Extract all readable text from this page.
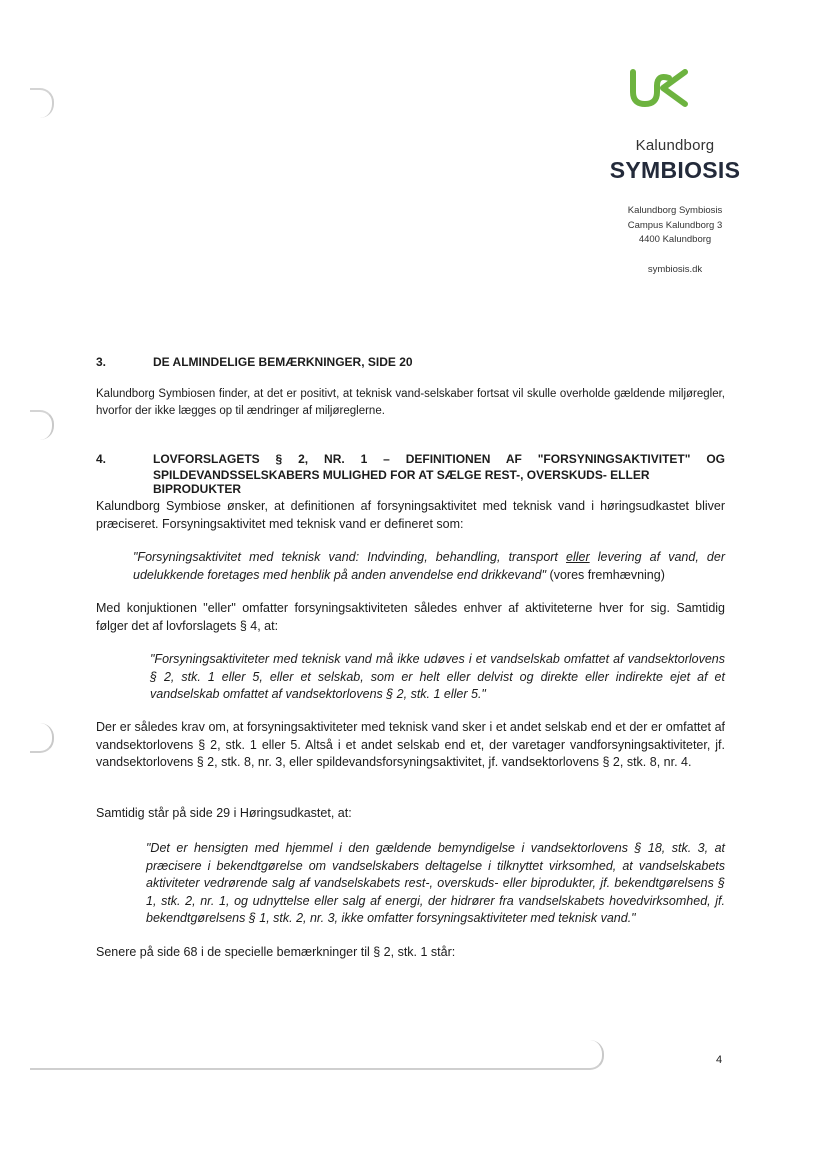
Kalundborg
SYMBIOSIS
Kalundborg Symbiosis
Campus Kalundborg 3
4400 Kalundborg
symbiosis.dk
3.	DE ALMINDELIGE BEMÆRKNINGER, SIDE 20
Kalundborg Symbiosen finder, at det er positivt, at teknisk vand-selskaber fortsat vil skulle overholde gældende miljøregler, hvorfor der ikke lægges op til ændringer af miljøreglerne.
4.	LOVFORSLAGETS § 2, NR. 1 – DEFINITIONEN AF "FORSYNINGSAKTIVITET" OG
SPILDEVANDSSELSKABERS MULIGHED FOR AT SÆLGE REST-, OVERSKUDS- ELLER BIPRODUKTER
Kalundborg Symbiose ønsker, at definitionen af forsyningsaktivitet med teknisk vand i høringsudkastet bliver præciseret. Forsyningsaktivitet med teknisk vand er defineret som:
"Forsyningsaktivitet med teknisk vand: Indvinding, behandling, transport eller levering af vand, der udelukkende foretages med henblik på anden anvendelse end drikkevand" (vores fremhævning)
Med konjuktionen "eller" omfatter forsyningsaktiviteten således enhver af aktiviteterne hver for sig. Samtidig følger det af lovforslagets § 4, at:
"Forsyningsaktiviteter med teknisk vand må ikke udøves i et vandselskab omfattet af vandsektorlovens § 2, stk. 1 eller 5, eller et selskab, som er helt eller delvist og direkte eller indirekte ejet af et vandselskab omfattet af vandsektorlovens § 2, stk. 1 eller 5."
Der er således krav om, at forsyningsaktiviteter med teknisk vand sker i et andet selskab end et der er omfattet af vandsektorlovens § 2, stk. 1 eller 5. Altså i et andet selskab end et, der varetager vandforsyningsaktiviteter, jf. vandsektorlovens § 2, stk. 8, nr. 3, eller spildevandsforsyningsaktivitet, jf. vandsektorlovens § 2, stk. 8, nr. 4.
Samtidig står på side 29 i Høringsudkastet, at:
"Det er hensigten med hjemmel i den gældende bemyndigelse i vandsektorlovens § 18, stk. 3, at præcisere i bekendtgørelse om vandselskabers deltagelse i tilknyttet virksomhed, at vandselskabets aktiviteter vedrørende salg af vandselskabets rest-, overskuds- eller biprodukter, jf. bekendtgørelsens § 1, stk. 2, nr. 1, og udnyttelse eller salg af energi, der hidrører fra vandselskabets hovedvirksomhed, jf. bekendtgørelsens § 1, stk. 2, nr. 3, ikke omfatter forsyningsaktiviteter med teknisk vand."
Senere på side 68 i de specielle bemærkninger til § 2, stk. 1 står:
4
